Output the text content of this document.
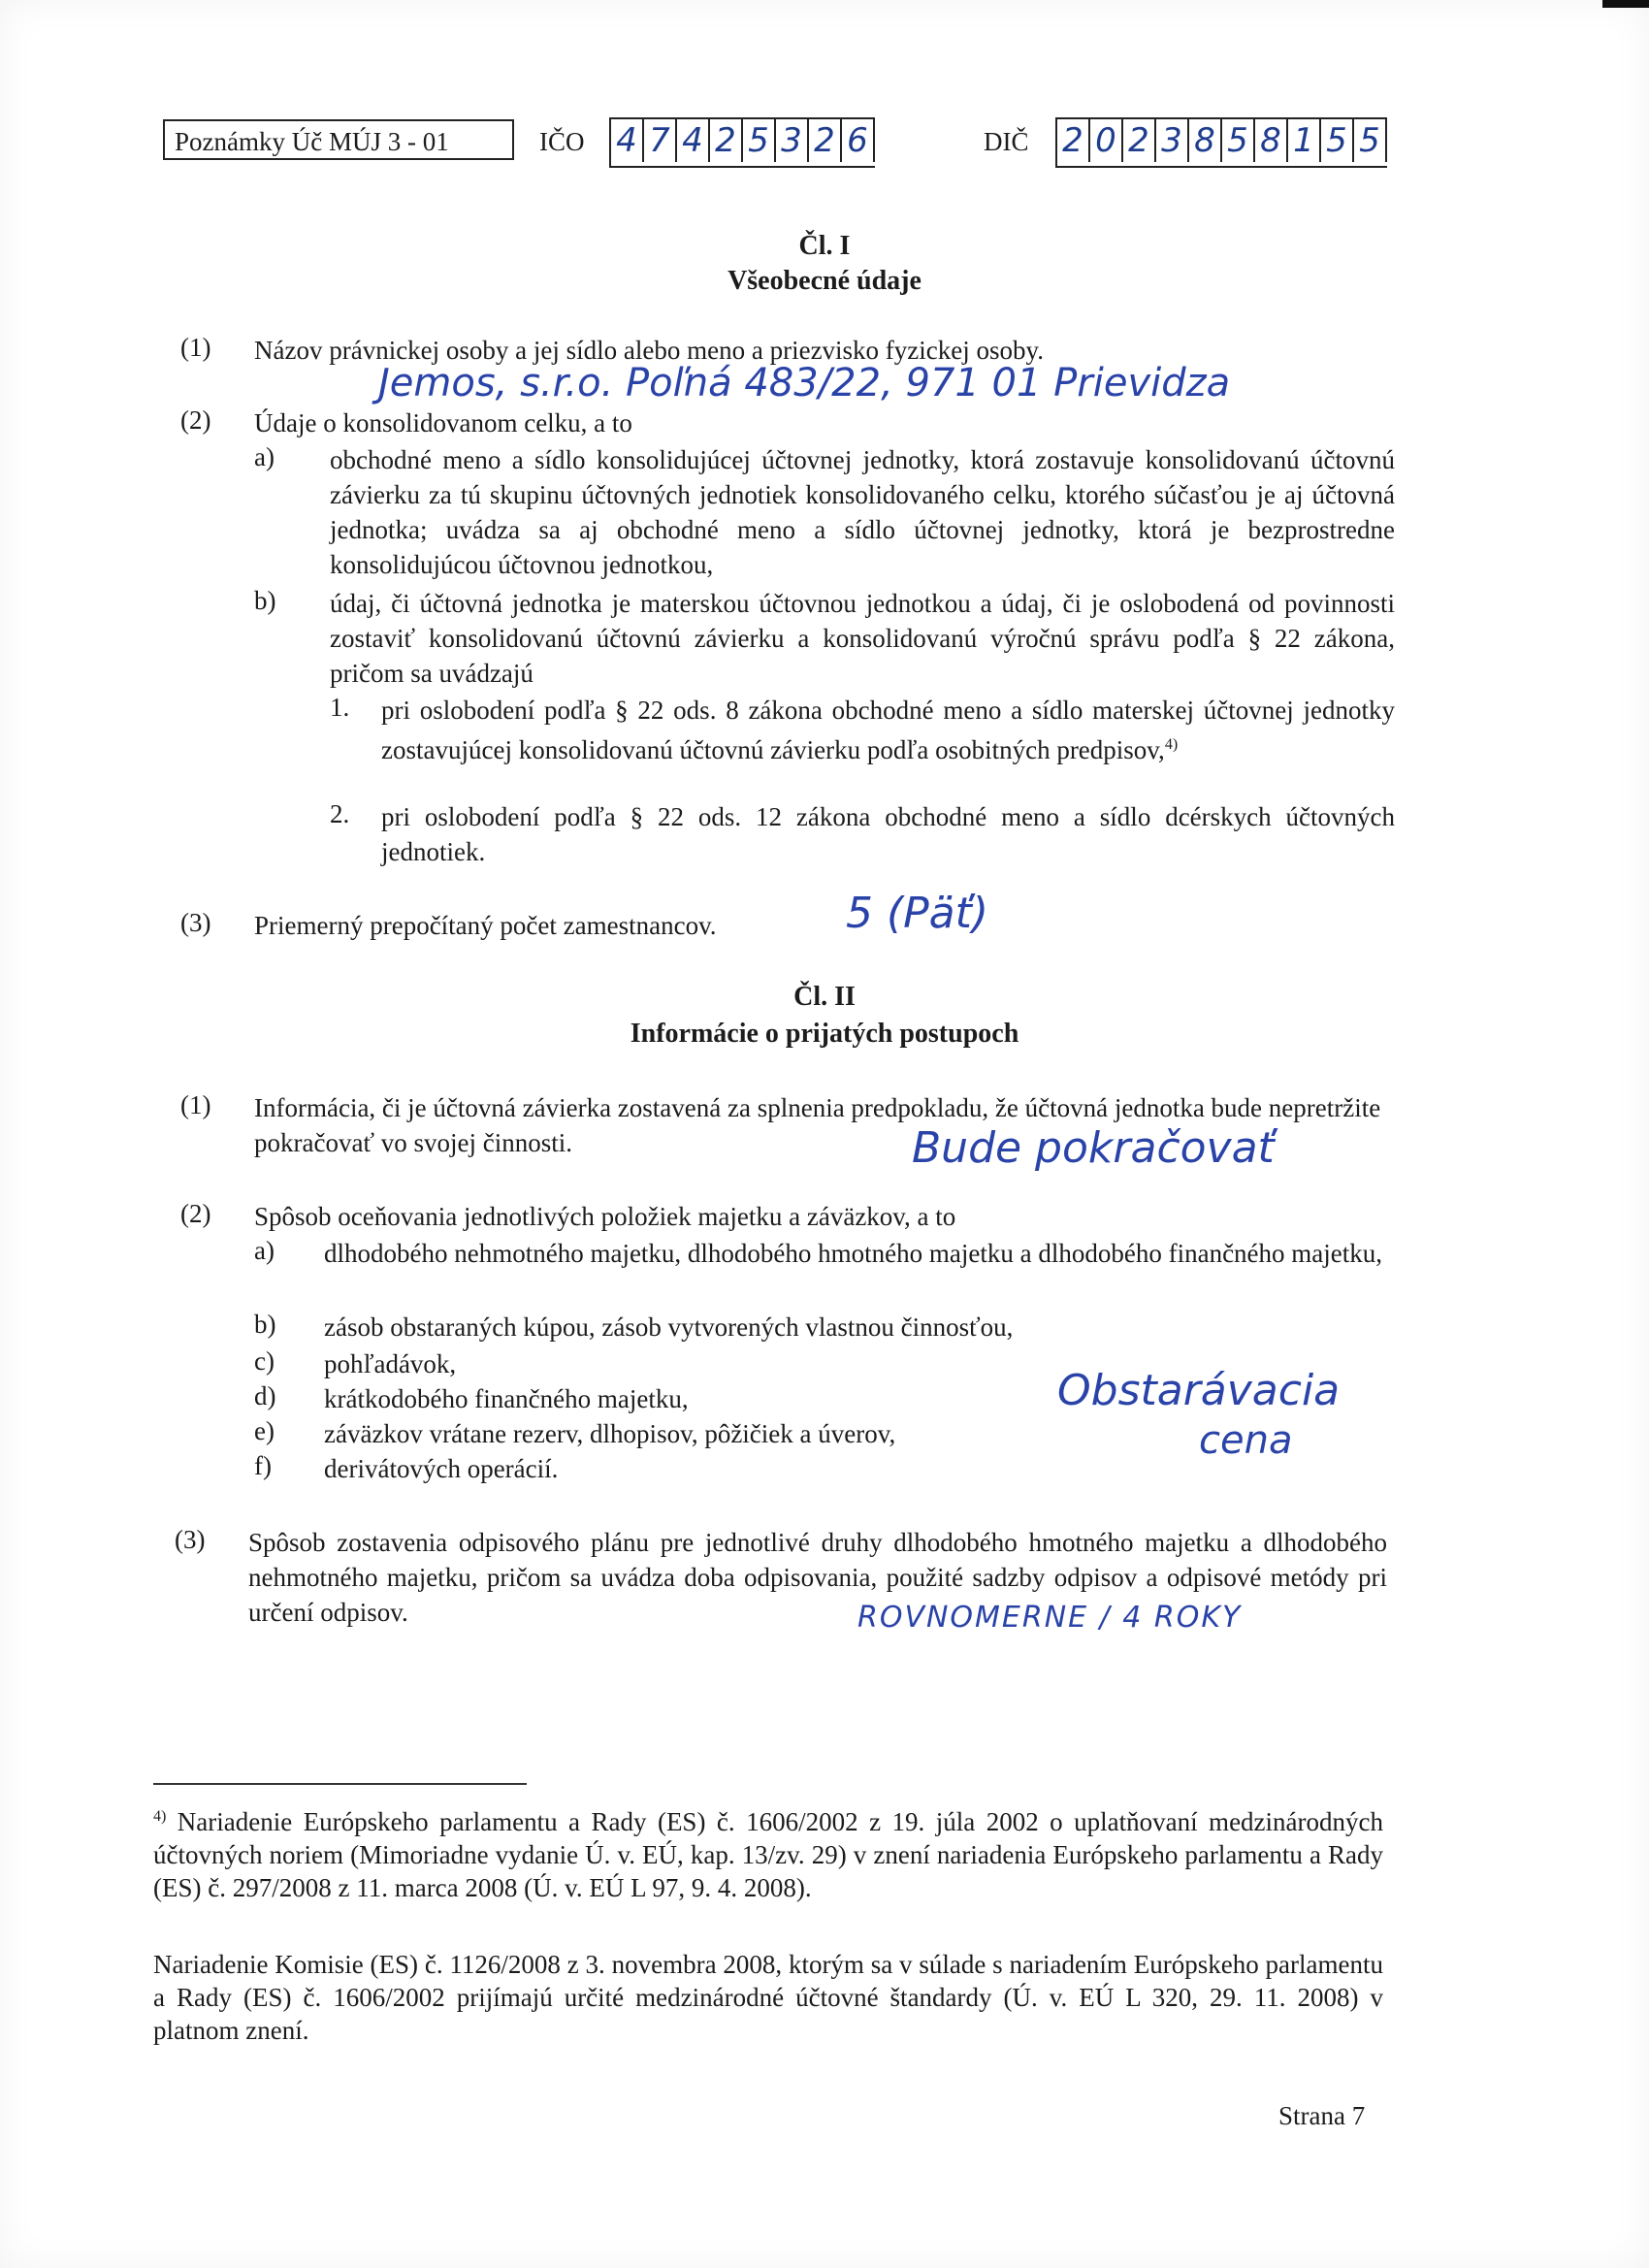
Poznámky Úč MÚJ 3 - 01	IČO 4 7 4 2 5 3 2 6	DIČ 2 0 2 3 8 5 8 1 5 5
Čl. I
Všeobecné údaje
(1)	Názov právnickej osoby a jej sídlo alebo meno a priezvisko fyzickej osoby.
Jemos, s.r.o. Poľná 483/22, 971 01 Prievidza
(2)	Údaje o konsolidovanom celku, a to
a)	obchodné meno a sídlo konsolidujúcej účtovnej jednotky, ktorá zostavuje konsolidovanú účtovnú závierku za tú skupinu účtovných jednotiek konsolidovaného celku, ktorého súčasťou je aj účtovná jednotka; uvádza sa aj obchodné meno a sídlo účtovnej jednotky, ktorá je bezprostredne konsolidujúcou účtovnou jednotkou,
b)	údaj, či účtovná jednotka je materskou účtovnou jednotkou a údaj, či je oslobodená od povinnosti zostaviť konsolidovanú účtovnú závierku a konsolidovanú výročnú správu podľa § 22 zákona, pričom sa uvádzajú
1.	pri oslobodení podľa § 22 ods. 8 zákona obchodné meno a sídlo materskej účtovnej jednotky zostavujúcej konsolidovanú účtovnú závierku podľa osobitných predpisov,$^{4)}$
2.	pri oslobodení podľa § 22 ods. 12 zákona obchodné meno a sídlo dcérskych účtovných jednotiek.
(3)	Priemerný prepočítaný počet zamestnancov.	5 (Päť)
Čl. II
Informácie o prijatých postupoch
(1)	Informácia, či je účtovná závierka zostavená za splnenia predpokladu, že účtovná jednotka bude nepretržite pokračovať vo svojej činnosti.	Bude pokračovať
(2)	Spôsob oceňovania jednotlivých položiek majetku a záväzkov, a to
a)	dlhodobého nehmotného majetku, dlhodobého hmotného majetku a dlhodobého finančného majetku,
b)	zásob obstaraných kúpou, zásob vytvorených vlastnou činnosťou,
c)	pohľadávok,
d)	krátkodobého finančného majetku,
e)	záväzkov vrátane rezerv, dlhopisov, pôžičiek a úverov,
f)	derivátových operácií.
Obstarávacia
cena
(3)	Spôsob zostavenia odpisového plánu pre jednotlivé druhy dlhodobého hmotného majetku a dlhodobého nehmotného majetku, pričom sa uvádza doba odpisovania, použité sadzby odpisov a odpisové metódy pri určení odpisov.	ROVNOMERNE / 4 ROKY
$^{4)}$ Nariadenie Európskeho parlamentu a Rady (ES) č. 1606/2002 z 19. júla 2002 o uplatňovaní medzinárodných účtovných noriem (Mimoriadne vydanie Ú. v. EÚ, kap. 13/zv. 29) v znení nariadenia Európskeho parlamentu a Rady (ES) č. 297/2008 z 11. marca 2008 (Ú. v. EÚ L 97, 9. 4. 2008).
Nariadenie Komisie (ES) č. 1126/2008 z 3. novembra 2008, ktorým sa v súlade s nariadením Európskeho parlamentu a Rady (ES) č. 1606/2002 prijímajú určité medzinárodné účtovné štandardy (Ú. v. EÚ L 320, 29. 11. 2008) v platnom znení.
Strana 7
